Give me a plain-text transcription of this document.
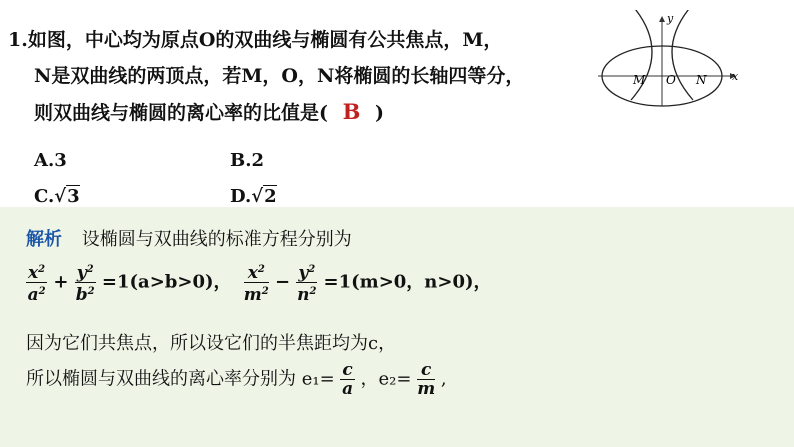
1.如图，中心均为原点O的双曲线与椭圆有公共焦点，M，
N是双曲线的两顶点，若M，O，N将椭圆的长轴四等分，
则双曲线与椭圆的离心率的比值是( B )
A.3	B.2
C.√3	D.√2
M O N x
y
解析 设椭圆与双曲线的标准方程分别为
$\frac{x^2}{a^2} + \frac{y^2}{b^2} =1(a>b>0)$， $\frac{x^2}{m^2} - \frac{y^2}{n^2} =1(m>0$，n>0)，
因为它们共焦点，所以设它们的半焦距均为c，
所以椭圆与双曲线的离心率分别为 $e_1= \frac{c}{a}$ ，$e_2= \frac{c}{m}$ ,
